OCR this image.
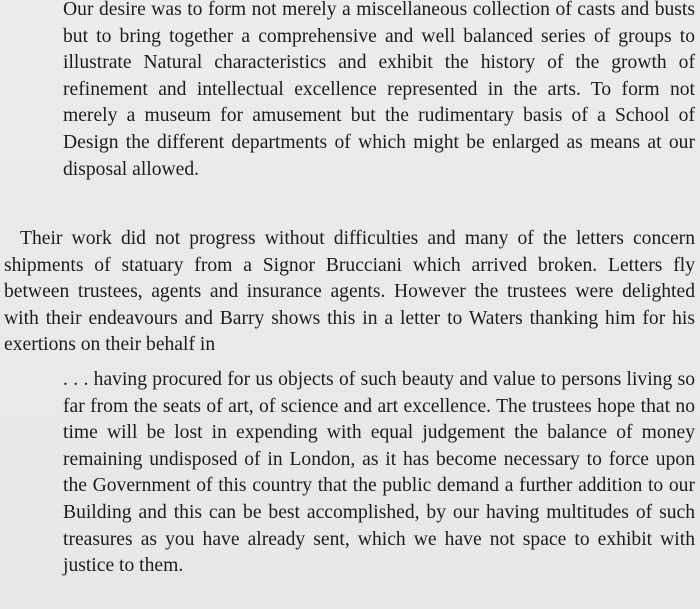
Our desire was to form not merely a miscellaneous collection of casts and busts but to bring together a comprehensive and well balanced series of groups to illustrate Natural characteristics and exhibit the history of the growth of refinement and intellectual excellence represented in the arts. To form not merely a museum for amusement but the rudimentary basis of a School of Design the different departments of which might be enlarged as means at our disposal allowed.

Their work did not progress without difficulties and many of the letters concern shipments of statuary from a Signor Brucciani which arrived broken. Letters fly between trustees, agents and insurance agents. However the trustees were delighted with their endeavours and Barry shows this in a letter to Waters thanking him for his exertions on their behalf in

. . . having procured for us objects of such beauty and value to persons living so far from the seats of art, of science and art excellence. The trustees hope that no time will be lost in expending with equal judgement the balance of money remaining undisposed of in London, as it has become necessary to force upon the Government of this country that the public demand a further addition to our Building and this can be best accomplished, by our having multitudes of such treasures as you have already sent, which we have not space to exhibit with justice to them.
